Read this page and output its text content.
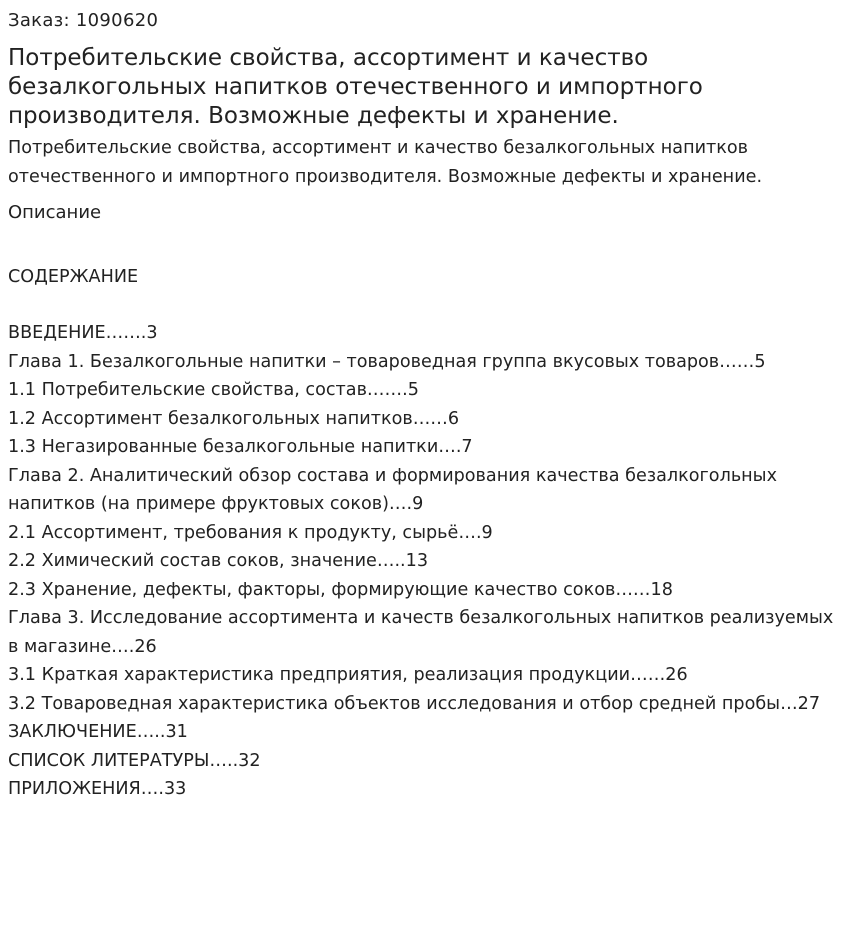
Заказ: 1090620
Потребительские свойства, ассортимент и качество безалкогольных напитков отечественного и импортного производителя. Возможные дефекты и хранение.
Потребительские свойства, ассортимент и качество безалкогольных напитков отечественного и импортного производителя. Возможные дефекты и хранение.
Описание
СОДЕРЖАНИЕ
ВВЕДЕНИЕ…….3
Глава 1. Безалкогольные напитки – товароведная группа вкусовых товаров……5
1.1 Потребительские свойства, состав…….5
1.2 Ассортимент безалкогольных напитков……6
1.3 Негазированные безалкогольные напитки….7
Глава 2. Аналитический обзор состава и формирования качества безалкогольных напитков (на примере фруктовых соков)….9
2.1 Ассортимент, требования к продукту, сырьё….9
2.2 Химический состав соков, значение…..13
2.3 Хранение, дефекты, факторы, формирующие качество соков……18
Глава 3. Исследование ассортимента и качеств безалкогольных напитков реализуемых в магазине….26
3.1 Краткая характеристика предприятия, реализация продукции……26
3.2 Товароведная характеристика объектов исследования и отбор средней пробы…27
ЗАКЛЮЧЕНИЕ…..31
СПИСОК ЛИТЕРАТУРЫ…..32
ПРИЛОЖЕНИЯ….33
